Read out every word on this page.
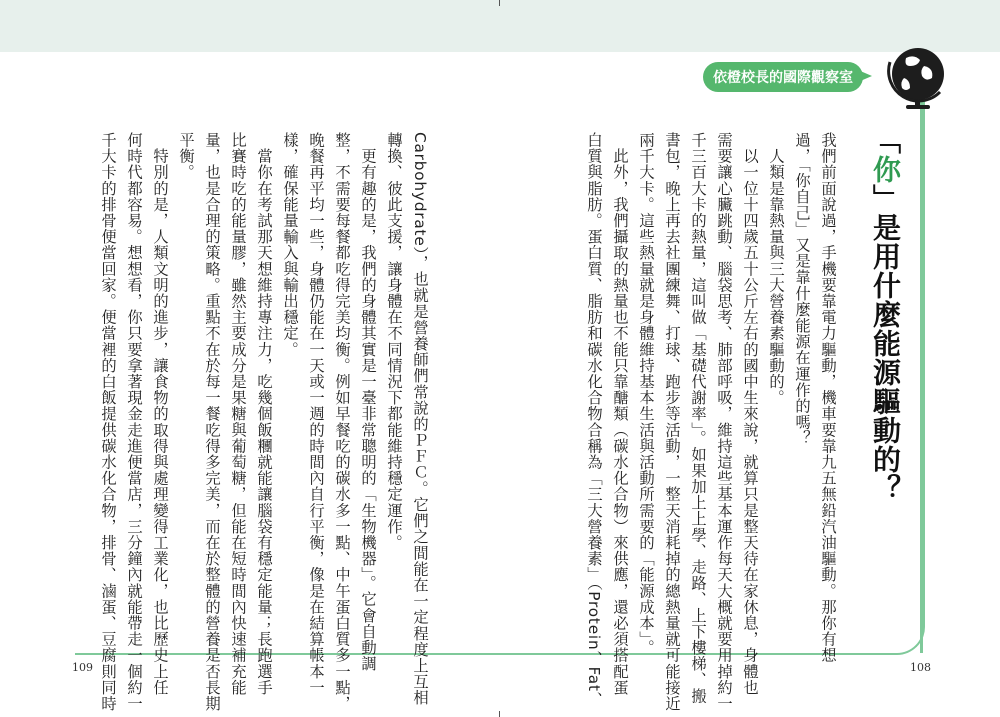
依橙校長的國際觀察室
「你」是用什麼能源驅動的？
我們前面說過，手機要靠電力驅動，機車要靠九五無鉛汽油驅動。那你有想
過，「你自己」又是靠什麼能源在運作的嗎？
　人類是靠熱量與三大營養素驅動的。
　以一位十四歲五十公斤左右的國中生來說，就算只是整天待在家休息，身體也
需要讓心臟跳動、腦袋思考、肺部呼吸，維持這些基本運作每天大概就要用掉約一
千三百大卡的熱量，這叫做「基礎代謝率」。如果加上上學、走路、上下樓梯、搬
書包，晚上再去社團練舞、打球、跑步等活動，一整天消耗掉的總熱量就可能接近
兩千大卡。這些熱量就是身體維持基本生活與活動所需要的「能源成本」。
　此外，我們攝取的熱量也不能只靠醣類（碳水化合物）來供應，還必須搭配蛋
白質與脂肪。蛋白質、脂肪和碳水化合物合稱為「三大營養素」（Protein、Fat、
Carbohydrate），也就是營養師們常說的ＰＦＣ。它們之間能在一定程度上互相
轉換、彼此支援，讓身體在不同情況下都能維持穩定運作。
　更有趣的是，我們的身體其實是一臺非常聰明的「生物機器」。它會自動調
整，不需要每餐都吃得完美均衡。例如早餐吃的碳水多一點、中午蛋白質多一點，
晚餐再平均一些，身體仍能在一天或一週的時間內自行平衡，像是在結算帳本一
樣，確保能量輸入與輸出穩定。
　當你在考試那天想維持專注力，吃幾個飯糰就能讓腦袋有穩定能量；長跑選手
比賽時吃的能量膠，雖然主要成分是果糖與葡萄糖，但能在短時間內快速補充能
量，也是合理的策略。重點不在於每一餐吃得多完美，而在於整體的營養是否長期
平衡。
　特別的是，人類文明的進步，讓食物的取得與處理變得工業化，也比歷史上任
何時代都容易。想想看，你只要拿著現金走進便當店，三分鐘內就能帶走一個約一
千大卡的排骨便當回家。便當裡的白飯提供碳水化合物，排骨、滷蛋、豆腐則同時
109	108
